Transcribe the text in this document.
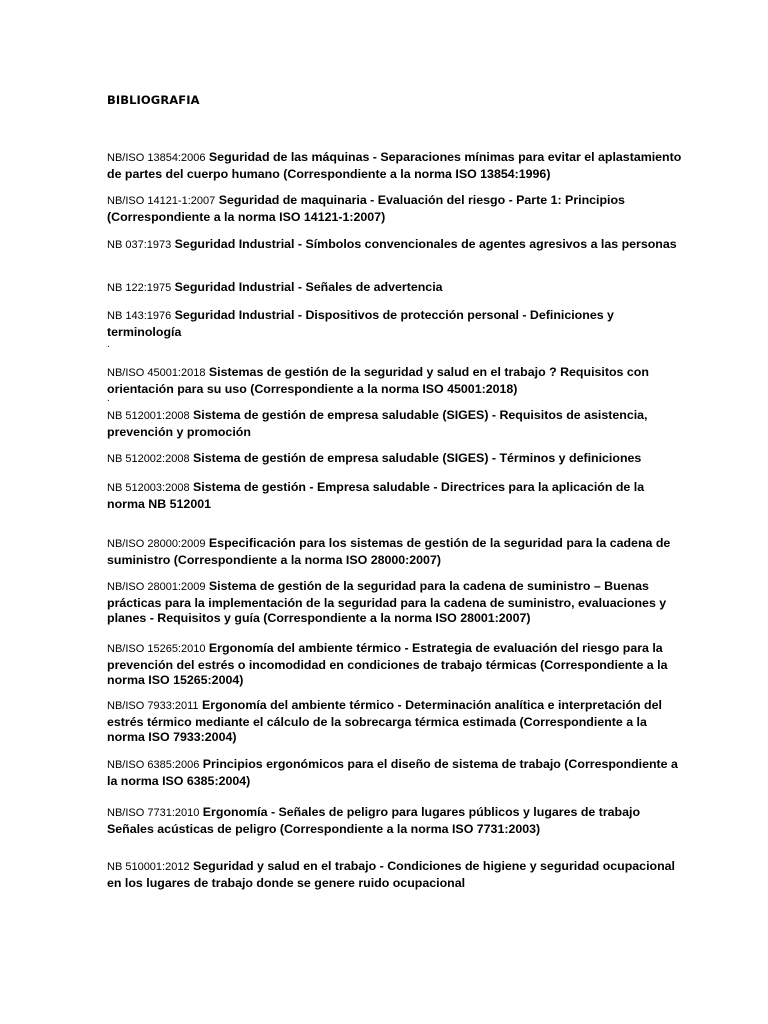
BIBLIOGRAFIA
NB/ISO 13854:2006 Seguridad de las máquinas - Separaciones mínimas para evitar el aplastamiento de partes del cuerpo humano (Correspondiente a la norma ISO 13854:1996)
NB/ISO 14121-1:2007 Seguridad de maquinaria - Evaluación del riesgo - Parte 1: Principios (Correspondiente a la norma ISO 14121-1:2007)
NB 037:1973 Seguridad Industrial - Símbolos convencionales de agentes agresivos a las personas
NB 122:1975 Seguridad Industrial - Señales de advertencia
NB 143:1976 Seguridad Industrial - Dispositivos de protección personal - Definiciones y terminología
.
NB/ISO 45001:2018 Sistemas de gestión de la seguridad y salud en el trabajo ? Requisitos con orientación para su uso (Correspondiente a la norma ISO 45001:2018)
.
NB 512001:2008 Sistema de gestión de empresa saludable (SIGES) - Requisitos de asistencia, prevención y promoción
NB 512002:2008 Sistema de gestión de empresa saludable (SIGES) - Términos y definiciones
NB 512003:2008 Sistema de gestión - Empresa saludable - Directrices para la aplicación de la norma NB 512001
NB/ISO 28000:2009 Especificación para los sistemas de gestión de la seguridad para la cadena de suministro (Correspondiente a la norma ISO 28000:2007)
NB/ISO 28001:2009 Sistema de gestión de la seguridad para la cadena de suministro – Buenas prácticas para la implementación de la seguridad para la cadena de suministro, evaluaciones y planes - Requisitos y guía (Correspondiente a la norma ISO 28001:2007)
NB/ISO 15265:2010 Ergonomía del ambiente térmico - Estrategia de evaluación del riesgo para la prevención del estrés o incomodidad en condiciones de trabajo térmicas (Correspondiente a la norma ISO 15265:2004)
NB/ISO 7933:2011 Ergonomía del ambiente térmico - Determinación analítica e interpretación del estrés térmico mediante el cálculo de la sobrecarga térmica estimada (Correspondiente a la norma ISO 7933:2004)
NB/ISO 6385:2006 Principios ergonómicos para el diseño de sistema de trabajo (Correspondiente a la norma ISO 6385:2004)
NB/ISO 7731:2010 Ergonomía - Señales de peligro para lugares públicos y lugares de trabajo Señales acústicas de peligro (Correspondiente a la norma ISO 7731:2003)
NB 510001:2012 Seguridad y salud en el trabajo - Condiciones de higiene y seguridad ocupacional en los lugares de trabajo donde se genere ruido ocupacional
